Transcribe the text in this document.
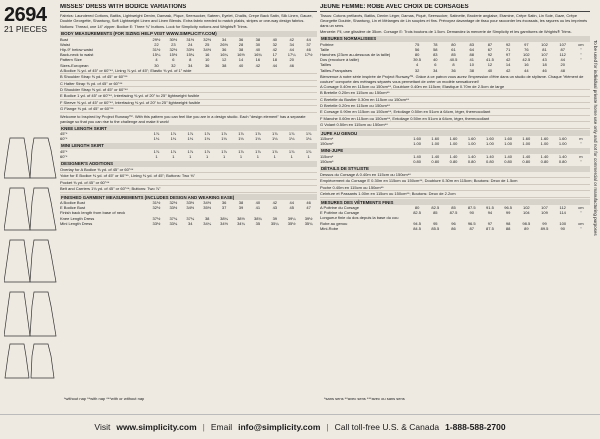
2694
21 PIECES
MISSES' DRESS WITH BODICE VARIATIONS
Fabrics: Laundered Cottons, Batiks, Lightweight Denim, Damask, Pique, Seersucker, Sateen, Eyelet, Challis, Crepe Back Satin, Silk Linen, Gauze, Double Georgette, Shantung, Soft Lightweight Linen and Linen Blends. Extra fabric needed to match plaids, stripes or one-way design fabrics.
Notions: Thread, one 14" zipper. Bodice E: Three ¾" buttons. Look for Simplicity notions and Wrights® Trims.
BODY MEASUREMENTS (FOR SIZING HELP VISIT WWW.SIMPLICITY.COM)
Bust	29½	30½	31½	32½	34	36	38	40	42	44
Waist	22	23	24	25	26½	28	30	32	34	37
Hip-9" below waist	31½	32½	33½	34½	36	38	40	42	44	46
Back-neck to waist	15¼	15½	15¾	16	16¼	16½	16¾	17	17¼	17½
Pattern Size	4	6	8	10	12	14	16	18	20
Sizes-European	30	32	34	36	38	40	42	44	46
A Bodice ⅞ yd. of 45" or 60"**, Lining ⅞ yd. of 45"; Elastic ⅜ yd. of 1" wide
B Shoulder Strap ⅝ yd. of 45" or 60"**
C Halter Strap ⅝ yd. of 45" or 60"**
D Shoulder Strap ⅝ yd. of 45" or 60"**
E Bodice 1 yd. of 45" or 60"**, Interfacing ⅜ yd. of 20" to 25" lightweight fusible
F Sleeve ⅝ yd. of 45" or 60"**, Interfacing ⅜ yd. of 20" to 25" lightweight fusible
G Flange ⅜ yd. of 45" or 60"**
Welcome to Inspired by Project Runway™. With this pattern you can feel like you are in a design studio. Each "design element" has a separate yardage so that you can rise to the challenge and make it work!
KNEE LENGTH SKIRT
45"*	1⅞	1⅞	1⅞	1⅞	1⅞	1⅞	1⅞	1⅞	1⅞	1⅞
60"*	1⅛	1⅛	1⅛	1⅛	1⅛	1⅛	1⅛	1⅛	1⅛	1⅛
MINI LENGTH SKIRT
45"*	1⅞	1⅞	1⅞	1⅞	1⅞	1⅞	1⅞	1⅞	1⅞	1⅞
60"*	1	1	1	1	1	1	1	1	1	1
DESIGNER'S ADDITIONS
Overlay for A Bodice ⅜ yd. of 45" or 60"**
Yoke for E Bodice ⅜ yd. of 45" or 60"**, Lining ⅜ yd. of 45"; Buttons: Two ⅜"
Pocket ⅜ yd. of 45" or 60"**
Belt and Carriers 1⅛ yd. of 45" or 60"**; Buttons: Two ⅞"
FINISHED GARMENT MEASUREMENTS (INCLUDES DESIGN AND WEARING EASE)
A Bodice Bust	31½	32½	33½	34½	36	38	40	42	44	46
E Bodice Bust	32½	33½	34½	35½	37	39	41	43	45	47
Finish back length from base of neck
Knee Length Dress	37½	37¾	37¾	38	38¼	38½	38¾	39	39¼	39½
Mini Length Dress	33½	33¾	34	34¼	34½	34¾	35	35¼	35½	35¾
JEUNE FEMME: ROBE AVEC CHOIX DE CORSAGES
Tissus: Cotons préllavés, Batiks, Denim Léger, Damas, Piqué, Seersucker, Satinette, Broderie anglaise, Etamine, Crêpe Satin, Lin Soie, Gaze, Crêpe Georgette Double, Shantung, Lin et Mélanges de Lin souples et fins. Prévoyez davantage de tissu pour raccorder les écossais, les rayures ou les imprimés dans un sens.
Mercerie: Fil, une glissière de 35cm. Corsage E: Trois boutons de 1.5cm. Demandez la mercerie de Simplicity et les garnitures de Wrights® Trims.
MESURES NORMALISEES
Poitrine	75	78	80	83	87	92	97	102	107	cm
Taille	56	58	61	64	67	71	76	81	87	"
Hanches (23cm au-dessous de la taille)	80	83	85	88	92	97	102	107	112	"
Dos (encolure à taille)	39.5	40	40.5	41	41.5	42	42.5	43	44	"
Tailles	4	6	8	10	12	14	16	18	20
Tailles-Françaises	32	34	36	38	40	42	44	46	48
Bienvenue à notre série inspirée de Project Runway™. Grâce à ce patron vous aurez l'impression d'être dans un studio de stylisme. Chaque "élément de couture" comporte des métrages séparés vous permettant de créer un modèle sensationnel!
A Corsage 0.40m en 115cm ou 150cm**, Doublure 0.40m en 115cm; Elastique 0.70m de 2.5cm de large
B Bretelle 0.20m en 115cm ou 150cm**
C Bretelle du Bustier 0.30m en 115cm ou 150cm**
D Bretelle 0.20m en 115cm ou 150cm**
E Corsage 0.90m en 115cm ou 150cm**, Entoilage 0.50m en 51cm à 64cm, léger, thermocollant
F Manche 0.60m en 115cm ou 150cm**, Entoilage 0.50m en 51cm à 64cm, léger, thermocollant
G Volant 0.50m en 115cm ou 150cm**
JUPE AU GENOU
115cm*	1.60	1.60	1.60	1.60	1.60	1.60	1.60	1.60	1.60	m
150cm*	1.00	1.00	1.00	1.00	1.00	1.00	1.00	1.00	1.00	"
MINI-JUPE
115cm*	1.40	1.40	1.40	1.40	1.40	1.40	1.40	1.40	1.40	m
150cm*	0.80	0.80	0.80	0.80	0.80	0.80	0.80	0.80	0.80	"
DÉTAILS DE STYLISTE
Dessus du Corsage A 0.40m en 115cm ou 150cm**
Empiècement du Corsage E 0.30m en 115cm ou 150cm**, Doublure 0.30m en 115cm; Boutons: Deux de 1.5cm
Poche 0.40m en 115cm ou 150cm**
Ceinture et Passants 1.00m en 115cm ou 150cm**; Boutons: Deux de 2.2cm
MESURES DES VÊTEMENTS FINIS
A Poitrine du Corsage	80	82.5	85	87.5	91.5	96.5	102	107	112	cm
E Poitrine du Corsage	82.5	85	87.5	90	94	99	104	109	114	"
Longueur finie du dos depuis la base du cou
Robe au genou	94.5	95	96	96.5	97	98	98.5	99	100	cm
Mini-Robe	84.5	85.5	86	87	87.5	88	89	89.5	90	"
*without nap **with nap ***with or without nap	*sans sens **avec sens ***avec ou sans sens
To be used for individual private home use only and not for commercial or manufacturing purposes
Visit www.simplicity.com | Email info@simplicity.com | Call toll-free U.S. & Canada 1-888-588-2700
